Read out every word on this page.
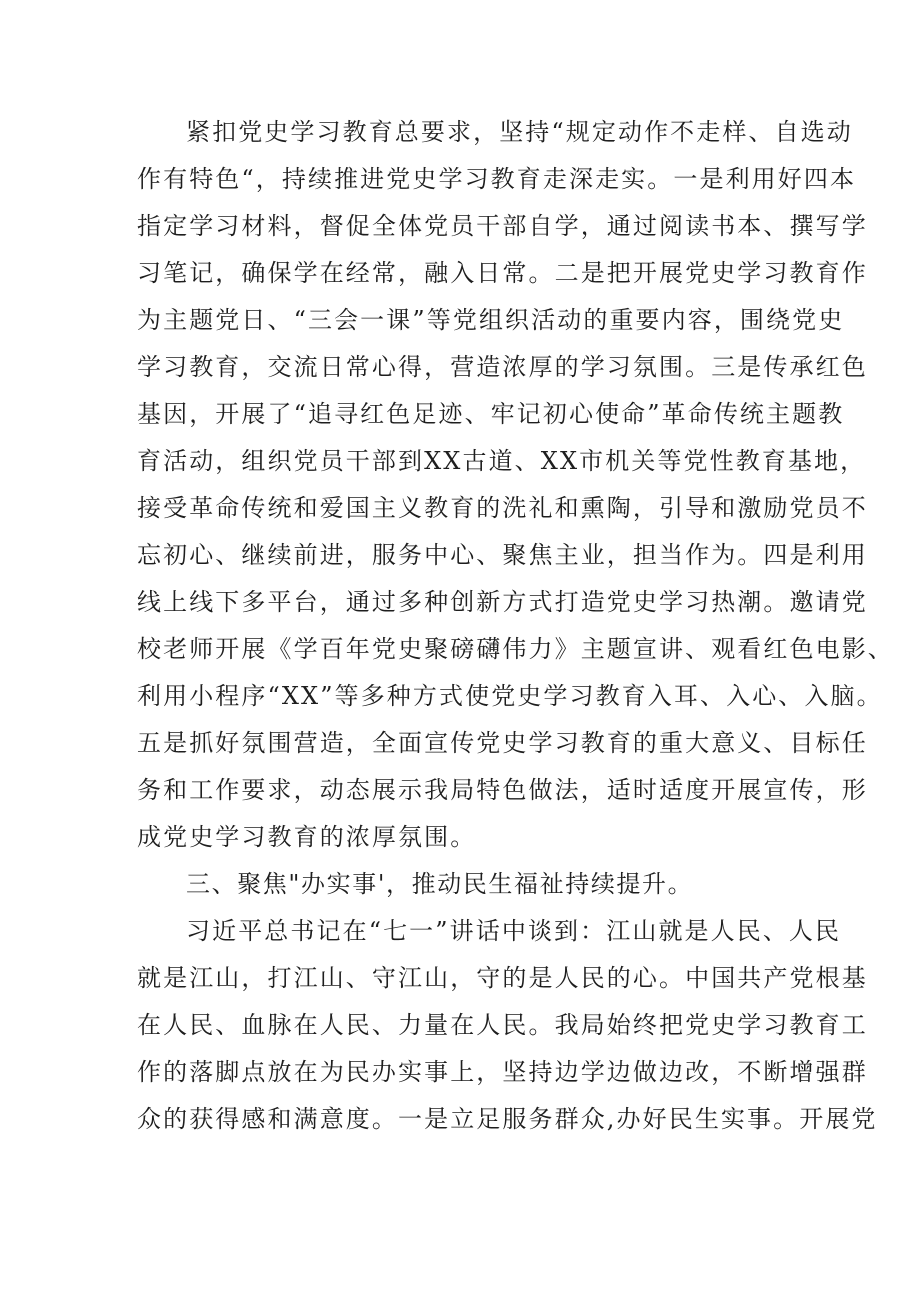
紧扣党史学习教育总要求，坚持“规定动作不走样、自选动
作有特色“，持续推进党史学习教育走深走实。一是利用好四本
指定学习材料，督促全体党员干部自学，通过阅读书本、撰写学
习笔记，确保学在经常，融入日常。二是把开展党史学习教育作
为主题党日、“三会一课”等党组织活动的重要内容，围绕党史
学习教育，交流日常心得，营造浓厚的学习氛围。三是传承红色
基因，开展了“追寻红色足迹、牢记初心使命”革命传统主题教
育活动，组织党员干部到XX古道、XX市机关等党性教育基地，
接受革命传统和爱国主义教育的洗礼和熏陶，引导和激励党员不
忘初心、继续前进，服务中心、聚焦主业，担当作为。四是利用
线上线下多平台，通过多种创新方式打造党史学习热潮。邀请党
校老师开展《学百年党史聚磅礴伟力》主题宣讲、观看红色电影、
利用小程序“XX”等多种方式使党史学习教育入耳、入心、入脑。
五是抓好氛围营造，全面宣传党史学习教育的重大意义、目标任
务和工作要求，动态展示我局特色做法，适时适度开展宣传，形
成党史学习教育的浓厚氛围。
三、聚焦"办实事'，推动民生福祉持续提升。
习近平总书记在“七一”讲话中谈到：江山就是人民、人民
就是江山，打江山、守江山，守的是人民的心。中国共产党根基
在人民、血脉在人民、力量在人民。我局始终把党史学习教育工
作的落脚点放在为民办实事上，坚持边学边做边改，不断增强群
众的获得感和满意度。一是立足服务群众,办好民生实事。开展党
